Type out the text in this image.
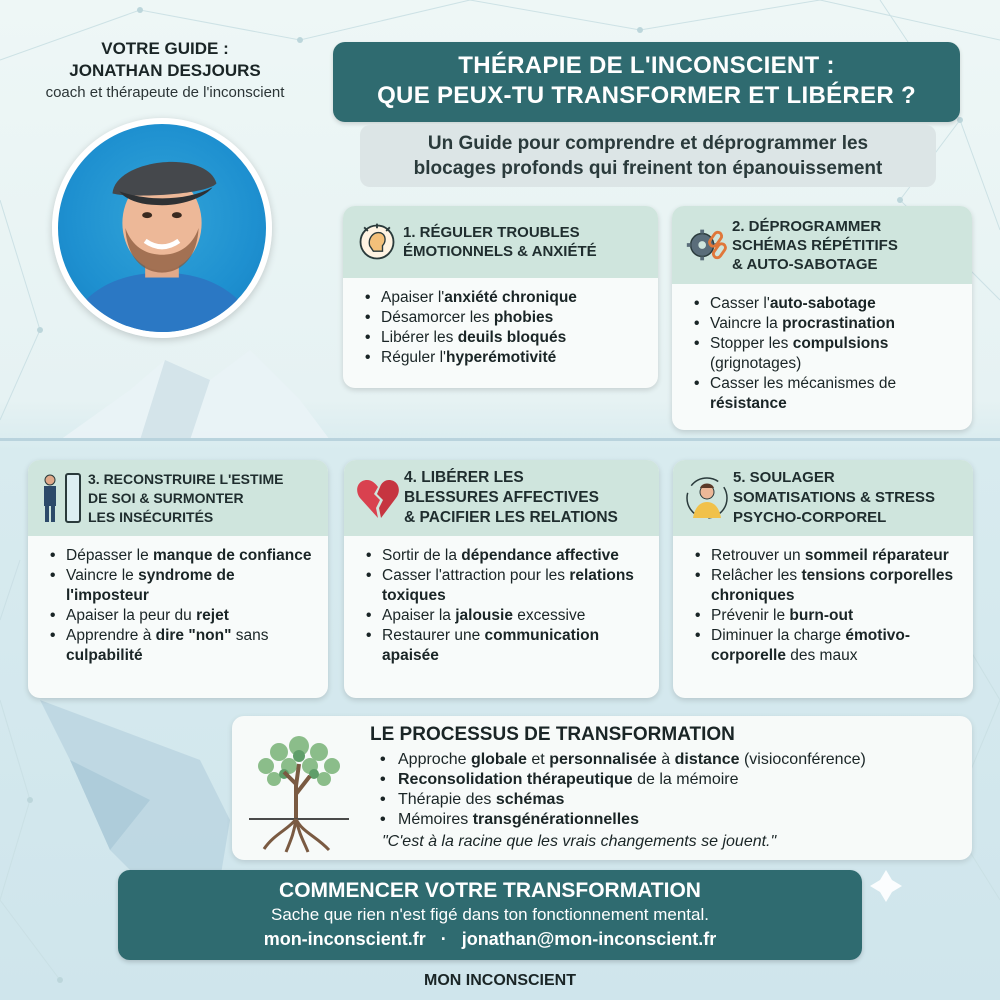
VOTRE GUIDE :
JONATHAN DESJOURS
coach et thérapeute de l'inconscient
THÉRAPIE DE L'INCONSCIENT :
QUE PEUX-TU TRANSFORMER ET LIBÉRER ?
Un Guide pour comprendre et déprogrammer les
blocages profonds qui freinent ton épanouissement
1. RÉGULER TROUBLES
ÉMOTIONNELS & ANXIÉTÉ
• Apaiser l'anxiété chronique
• Désamorcer les phobies
• Libérer les deuils bloqués
• Réguler l'hyperémotivité
2. DÉPROGRAMMER
SCHÉMAS RÉPÉTITIFS
& AUTO-SABOTAGE
• Casser l'auto-sabotage
• Vaincre la procrastination
• Stopper les compulsions (grignotages)
• Casser les mécanismes de résistance
3. RECONSTRUIRE L'ESTIME
DE SOI & SURMONTER
LES INSÉCURITÉS
• Dépasser le manque de confiance
• Vaincre le syndrome de l'imposteur
• Apaiser la peur du rejet
• Apprendre à dire "non" sans culpabilité
4. LIBÉRER LES
BLESSURES AFFECTIVES
& PACIFIER LES RELATIONS
• Sortir de la dépendance affective
• Casser l'attraction pour les relations toxiques
• Apaiser la jalousie excessive
• Restaurer une communication apaisée
5. SOULAGER
SOMATISATIONS & STRESS
PSYCHO-CORPOREL
• Retrouver un sommeil réparateur
• Relâcher les tensions corporelles chroniques
• Prévenir le burn-out
• Diminuer la charge émotivo-corporelle des maux
LE PROCESSUS DE TRANSFORMATION
• Approche globale et personnalisée à distance (visioconférence)
• Reconsolidation thérapeutique de la mémoire
• Thérapie des schémas
• Mémoires transgénérationnelles
"C'est à la racine que les vrais changements se jouent."
COMMENCER VOTRE TRANSFORMATION
Sache que rien n'est figé dans ton fonctionnement mental.
mon-inconscient.fr · jonathan@mon-inconscient.fr
MON INCONSCIENT
